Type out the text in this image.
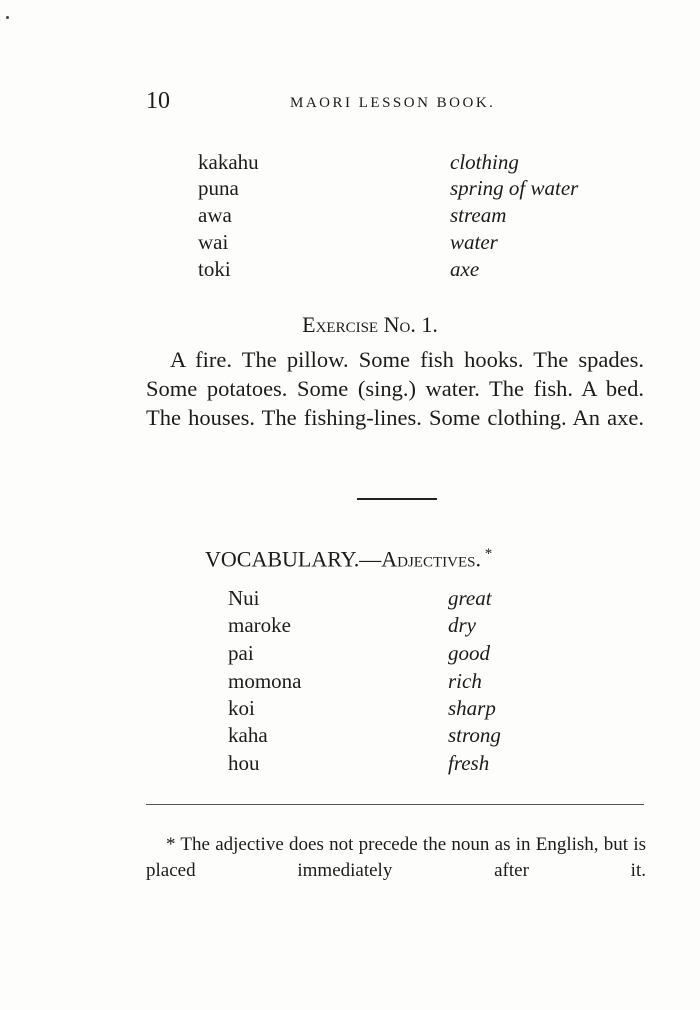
10	MAORI LESSON BOOK.
kakahu	clothing
puna	spring of water
awa	stream
wai	water
toki	axe
Exercise No. 1.

A fire. The pillow. Some fish hooks. The spades. Some potatoes. Some (sing.) water. The fish. A bed. The houses. The fishing-lines. Some clothing. An axe.

VOCABULARY.—Adjectives. *
Nui	great
maroke	dry
pai	good
momona	rich
koi	sharp
kaha	strong
hou	fresh

* The adjective does not precede the noun as in English, but is placed immediately after it.
